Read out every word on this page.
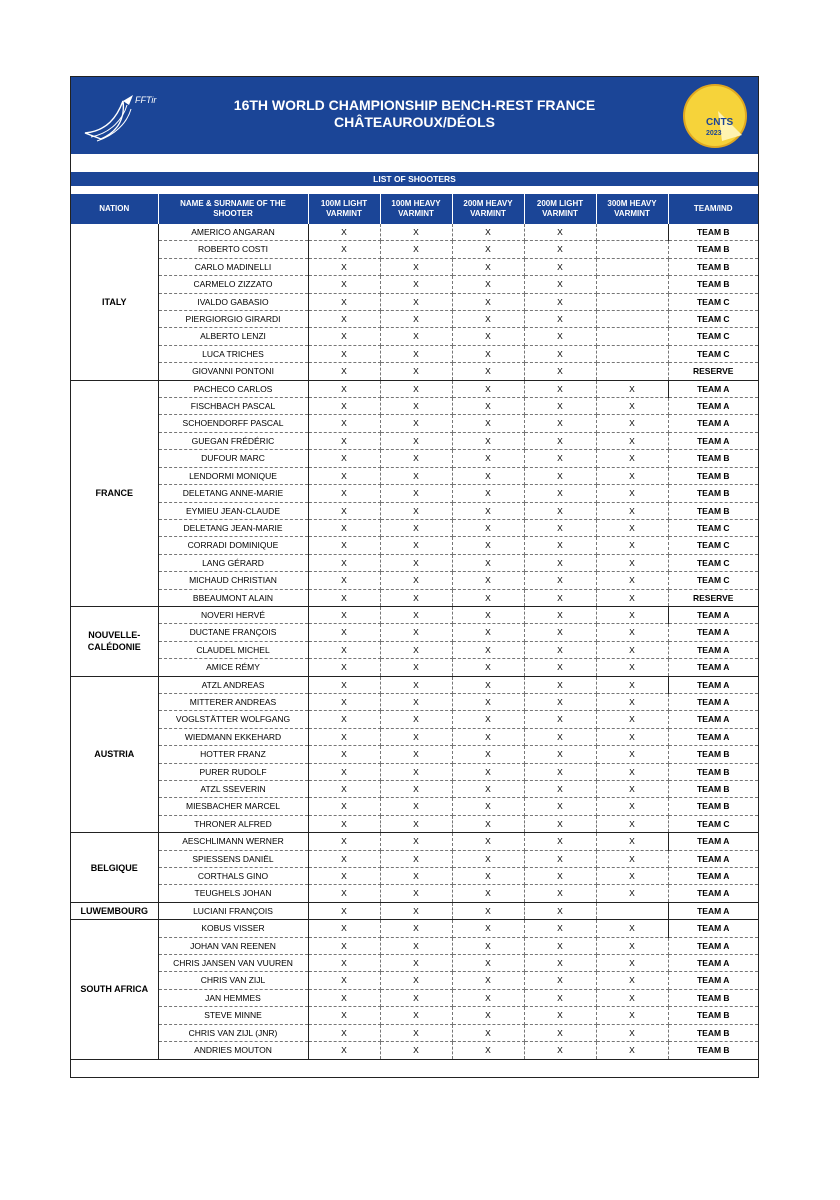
FFTir	16TH WORLD CHAMPIONSHIP BENCH-REST FRANCE
CHÂTEAUROUX/DÉOLS	CNTS
2023
LIST OF SHOOTERS
NATION	NAME & SURNAME OF THE SHOOTER	100M LIGHT VARMINT	100M HEAVY VARMINT	200M HEAVY VARMINT	200M LIGHT VARMINT	300M HEAVY VARMINT	TEAM/IND
ITALY	AMERICO ANGARAN	X	X	X	X		TEAM B
	ROBERTO COSTI	X	X	X	X		TEAM B
	CARLO MADINELLI	X	X	X	X		TEAM B
	CARMELO ZIZZATO	X	X	X	X		TEAM B
	IVALDO GABASIO	X	X	X	X		TEAM C
	PIERGIORGIO GIRARDI	X	X	X	X		TEAM C
	ALBERTO LENZI	X	X	X	X		TEAM C
	LUCA TRICHES	X	X	X	X		TEAM C
	GIOVANNI PONTONI	X	X	X	X		RESERVE
FRANCE	PACHECO CARLOS	X	X	X	X	X	TEAM A
	FISCHBACH PASCAL	X	X	X	X	X	TEAM A
	SCHOENDORFF PASCAL	X	X	X	X	X	TEAM A
	GUEGAN FRÉDÉRIC	X	X	X	X	X	TEAM A
	DUFOUR MARC	X	X	X	X	X	TEAM B
	LENDORMI MONIQUE	X	X	X	X	X	TEAM B
	DELETANG ANNE-MARIE	X	X	X	X	X	TEAM B
	EYMIEU JEAN-CLAUDE	X	X	X	X	X	TEAM B
	DELETANG JEAN-MARIE	X	X	X	X	X	TEAM C
	CORRADI DOMINIQUE	X	X	X	X	X	TEAM C
	LANG GÉRARD	X	X	X	X	X	TEAM C
	MICHAUD CHRISTIAN	X	X	X	X	X	TEAM C
	BBEAUMONT ALAIN	X	X	X	X	X	RESERVE
NOUVELLE-CALÉDONIE	NOVERI HERVÉ	X	X	X	X	X	TEAM A
	DUCTANE FRANÇOIS	X	X	X	X	X	TEAM A
	CLAUDEL MICHEL	X	X	X	X	X	TEAM A
	AMICE RÉMY	X	X	X	X	X	TEAM A
AUSTRIA	ATZL ANDREAS	X	X	X	X	X	TEAM A
	MITTERER ANDREAS	X	X	X	X	X	TEAM A
	VOGLSTÄTTER WOLFGANG	X	X	X	X	X	TEAM A
	WIEDMANN EKKEHARD	X	X	X	X	X	TEAM A
	HOTTER FRANZ	X	X	X	X	X	TEAM B
	PURER RUDOLF	X	X	X	X	X	TEAM B
	ATZL SSEVERIN	X	X	X	X	X	TEAM B
	MIESBACHER MARCEL	X	X	X	X	X	TEAM B
	THRONER ALFRED	X	X	X	X	X	TEAM C
BELGIQUE	AESCHLIMANN WERNER	X	X	X	X	X	TEAM A
	SPIESSENS DANIËL	X	X	X	X	X	TEAM A
	CORTHALS GINO	X	X	X	X	X	TEAM A
	TEUGHELS JOHAN	X	X	X	X	X	TEAM A
LUWEMBOURG	LUCIANI FRANÇOIS	X	X	X	X		TEAM A
SOUTH AFRICA	KOBUS VISSER	X	X	X	X	X	TEAM A
	JOHAN VAN REENEN	X	X	X	X	X	TEAM A
	CHRIS JANSEN VAN VUUREN	X	X	X	X	X	TEAM A
	CHRIS VAN ZIJL	X	X	X	X	X	TEAM A
	JAN HEMMES	X	X	X	X	X	TEAM B
	STEVE MINNE	X	X	X	X	X	TEAM B
	CHRIS VAN ZIJL (JNR)	X	X	X	X	X	TEAM B
	ANDRIES MOUTON	X	X	X	X	X	TEAM B
